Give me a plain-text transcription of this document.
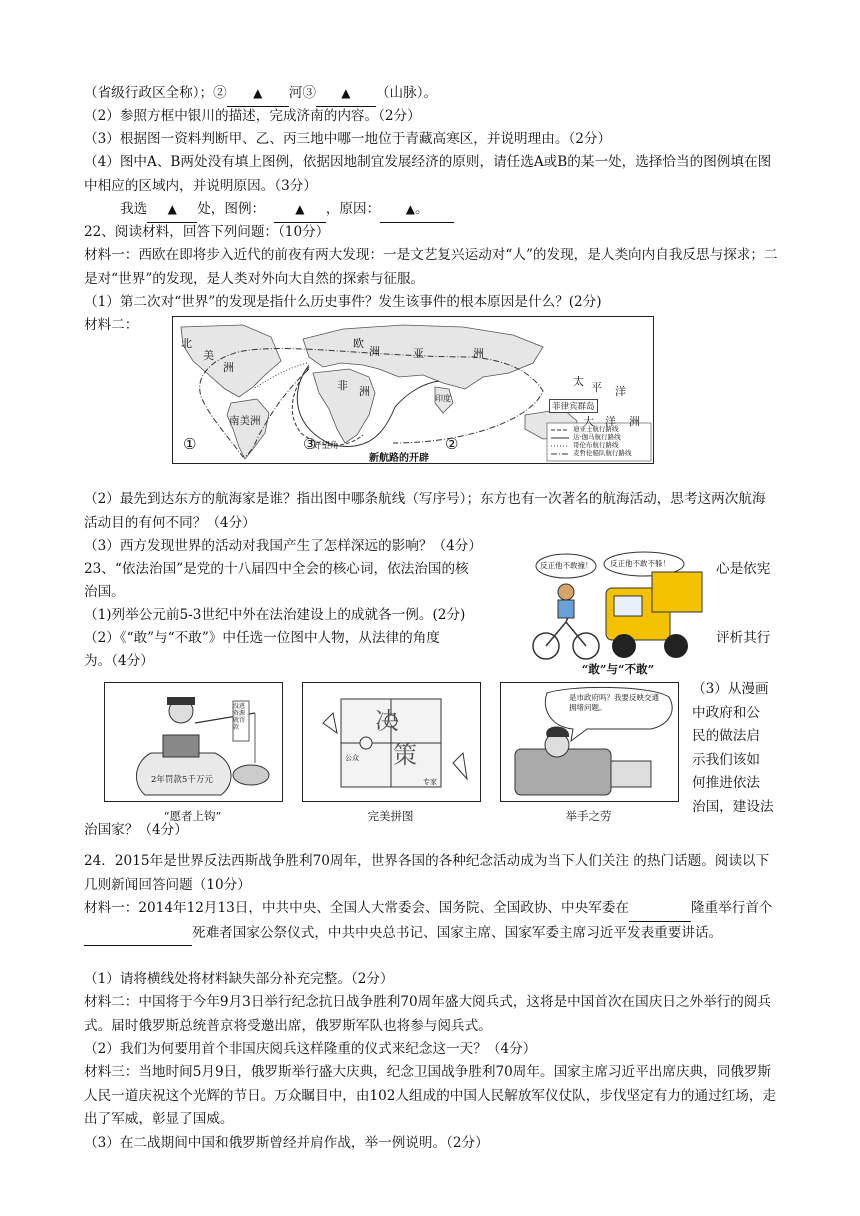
（省级行政区全称）；② ▲ 河③ ▲ （山脉）。
（2）参照方框中银川的描述，完成济南的内容。（2分）
（3）根据图一资料判断甲、乙、丙三地中哪一地位于青藏高寒区，并说明理由。（2分）
（4）图中A、B两处没有填上图例，依据因地制宜发展经济的原则，请任选A或B的某一处，选择恰当的图例填在图中相应的区域内，并说明原因。（3分）
我选 ▲ 处，图例：	▲ ，原因： ▲。
22、阅读材料，回答下列问题：（10分）
材料一：西欧在即将步入近代的前夜有两大发现：一是文艺复兴运动对“人”的发现，是人类向内自我反思与探求；二是对“世界”的发现，是人类对外向大自然的探索与征服。
（1）第二次对“世界”的发现是指什么历史事件？发生该事件的根本原因是什么？(2分)
材料二：
北
美
洲
欧
洲	亚	洲
非 洲
南美洲
太 平 洋
大 洋 洲
菲律宾群岛
好望角
①	②
③
印度
迪亚士航行路线
达·伽马航行路线
哥伦布航行路线
麦哲伦船队航行路线
新航路的开辟
（2）最先到达东方的航海家是谁？指出图中哪条航线（写序号）；东方也有一次著名的航海活动，思考这两次航海活动目的有何不同？（4分）
（3）西方发现世界的活动对我国产生了怎样深远的影响？（4分）
23、“依法治国”是党的十八届四中全会的核心词，依法治国的核	心是依宪
治国。
（1)列举公元前5-3世纪中外在法治建设上的成就各一例。(2分)
（2）《“敢”与“不敢”》中任选一位图中人物，从法律的角度	评析其行
为。（4分）
反正他不敢撞！ 反正他不敢不躲！
“敢”与“不敢”
没逃资源就罚款
2年罚款5千万元
“愿者上钩”
决
策
公众
专家
完美拼图
是市政府吗？我要反映交通拥堵问题。
举手之劳
（3）从漫画
中政府和公
民的做法启
示我们该如
何推进依法
治国，建设法
治国家？（4分）
24．2015年是世界反法西斯战争胜利70周年，世界各国的各种纪念活动成为当下人们关注 的热门话题。阅读以下几则新闻回答问题（10分）
材料一：2014年12月13日，中共中央、全国人大常委会、国务院、全国政协、中央军委在	隆重举行首个 死难者国家公祭仪式，中共中央总书记、国家主席、国家军委主席习近平发表重要讲话。
（1）请将横线处将材料缺失部分补充完整。（2分）
材料二：中国将于今年9月3日举行纪念抗日战争胜利70周年盛大阅兵式，这将是中国首次在国庆日之外举行的阅兵式。届时俄罗斯总统普京将受邀出席，俄罗斯军队也将参与阅兵式。
（2）我们为何要用首个非国庆阅兵这样隆重的仪式来纪念这一天？（4分）
材料三：当地时间5月9日，俄罗斯举行盛大庆典，纪念卫国战争胜利70周年。国家主席习近平出席庆典，同俄罗斯人民一道庆祝这个光辉的节日。万众瞩目中，由102人组成的中国人民解放军仪仗队，步伐坚定有力的通过红场，走出了军威，彰显了国威。
（3）在二战期间中国和俄罗斯曾经并肩作战，举一例说明。（2分）
